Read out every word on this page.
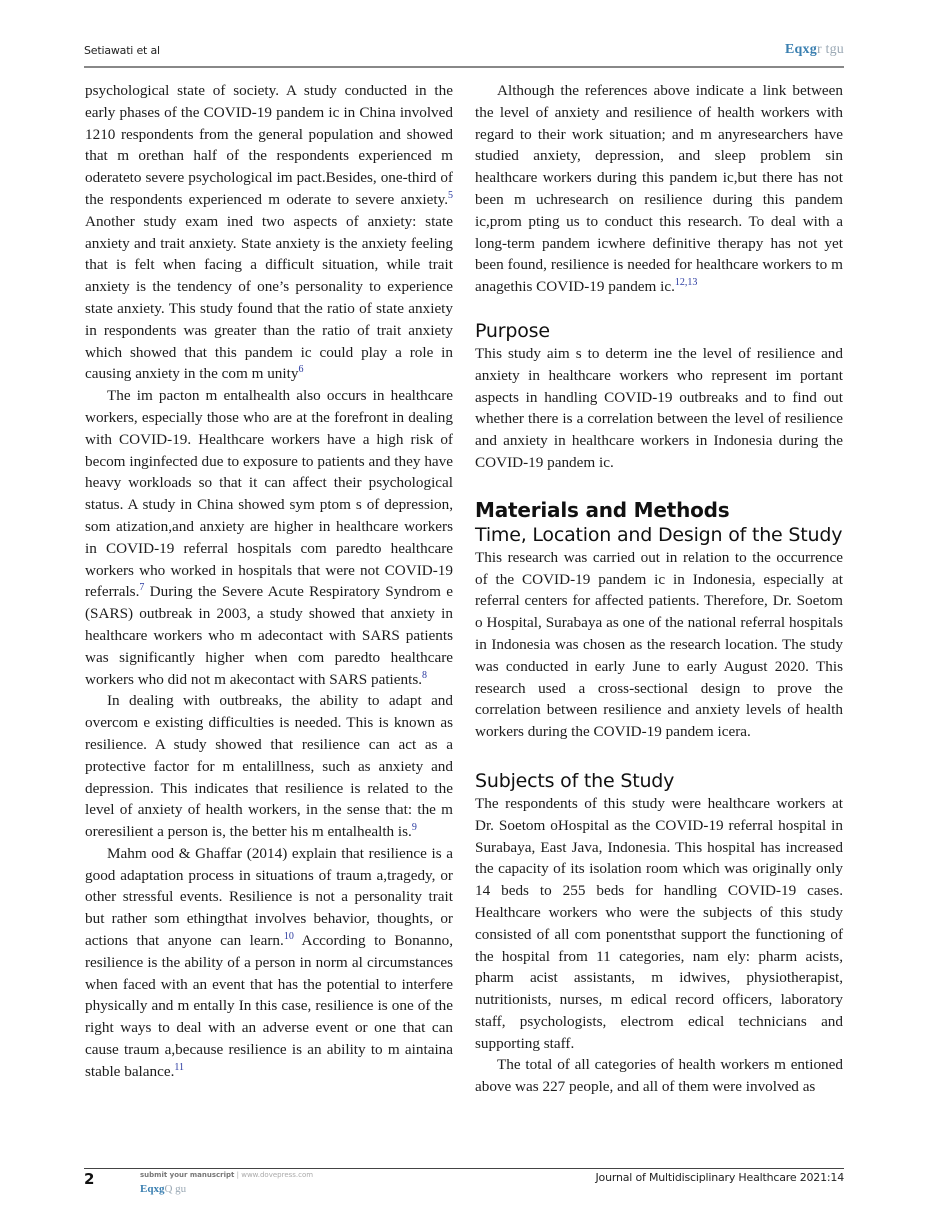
Setiawati et al	Eqxgr tgu

psychological state of society. A study conducted in the early phases of the COVID-19 pandem ic in China involved 1210 respondents from the general population and showed that m orethan half of the respondents experienced m oderateto severe psychological im pact.Besides, one-third of the respondents experienced m oderate to severe anxiety.$^5$ Another study exam ined two aspects of anxiety: state anxiety and trait anxiety. State anxiety is the anxiety feeling that is felt when facing a difficult situation, while trait anxiety is the tendency of one’s personality to experience state anxiety. This study found that the ratio of state anxiety in respondents was greater than the ratio of trait anxiety which showed that this pandem ic could play a role in causing anxiety in the com m unity$^6$

The im pacton m entalhealth also occurs in healthcare workers, especially those who are at the forefront in dealing with COVID-19. Healthcare workers have a high risk of becom inginfected due to exposure to patients and they have heavy workloads so that it can affect their psychological status. A study in China showed sym ptom s of depression, som atization,and anxiety are higher in healthcare workers in COVID-19 referral hospitals com paredto healthcare workers who worked in hospitals that were not COVID-19 referrals.$^7$ During the Severe Acute Respiratory Syndrom e (SARS) outbreak in 2003, a study showed that anxiety in healthcare workers who m adecontact with SARS patients was significantly higher when com paredto healthcare workers who did not m akecontact with SARS patients.$^8$

In dealing with outbreaks, the ability to adapt and overcom e existing difficulties is needed. This is known as resilience. A study showed that resilience can act as a protective factor for m entalillness, such as anxiety and depression. This indicates that resilience is related to the level of anxiety of health workers, in the sense that: the m oreresilient a person is, the better his m entalhealth is.$^9$

Mahm ood & Ghaffar (2014) explain that resilience is a good adaptation process in situations of traum a,tragedy, or other stressful events. Resilience is not a personality trait but rather som ethingthat involves behavior, thoughts, or actions that anyone can learn.$^{10}$ According to Bonanno, resilience is the ability of a person in norm al circumstances when faced with an event that has the potential to interfere physically and m entally In this case, resilience is one of the right ways to deal with an adverse event or one that can cause traum a,because resilience is an ability to m aintaina stable balance.$^{11}$

Although the references above indicate a link between the level of anxiety and resilience of health workers with regard to their work situation; and m anyresearchers have studied anxiety, depression, and sleep problem sin healthcare workers during this pandem ic,but there has not been m uchresearch on resilience during this pandem ic,prom pting us to conduct this research. To deal with a long-term pandem icwhere definitive therapy has not yet been found, resilience is needed for healthcare workers to m anagethis COVID-19 pandem ic.$^{12,13}$

Purpose

This study aim s to determ ine the level of resilience and anxiety in healthcare workers who represent im portant aspects in handling COVID-19 outbreaks and to find out whether there is a correlation between the level of resilience and anxiety in healthcare workers in Indonesia during the COVID-19 pandem ic.

Materials and Methods
Time, Location and Design of the Study

This research was carried out in relation to the occurrence of the COVID-19 pandem ic in Indonesia, especially at referral centers for affected patients. Therefore, Dr. Soetom o Hospital, Surabaya as one of the national referral hospitals in Indonesia was chosen as the research location. The study was conducted in early June to early August 2020. This research used a cross-sectional design to prove the correlation between resilience and anxiety levels of health workers during the COVID-19 pandem icera.

Subjects of the Study

The respondents of this study were healthcare workers at Dr. Soetom oHospital as the COVID-19 referral hospital in Surabaya, East Java, Indonesia. This hospital has increased the capacity of its isolation room which was originally only 14 beds to 255 beds for handling COVID-19 cases. Healthcare workers who were the subjects of this study consisted of all com ponentsthat support the functioning of the hospital from 11 categories, nam ely: pharm acists, pharm acist assistants, m idwives, physiotherapist, nutritionists, nurses, m edical record officers, laboratory staff, psychologists, electrom edical technicians and supporting staff.

The total of all categories of health workers m entioned above was 227 people, and all of them were involved as

2	submit your manuscript | www.dovepress.com
EqxgQ gu
Journal of Multidisciplinary Healthcare 2021:14
